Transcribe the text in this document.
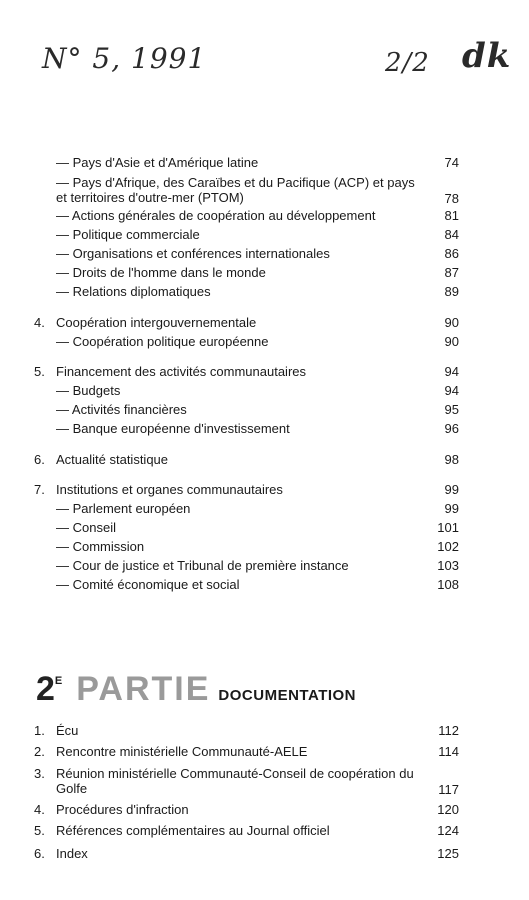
N° 5, 1991	2/2 dk
— Pays d'Asie et d'Amérique latine	74
— Pays d'Afrique, des Caraïbes et du Pacifique (ACP) et pays et territoires d'outre-mer (PTOM)	78
— Actions générales de coopération au développement	81
— Politique commerciale	84
— Organisations et conférences internationales	86
— Droits de l'homme dans le monde	87
— Relations diplomatiques	89
4. Coopération intergouvernementale	90
— Coopération politique européenne	90
5. Financement des activités communautaires	94
— Budgets	94
— Activités financières	95
— Banque européenne d'investissement	96
6. Actualité statistique	98
7. Institutions et organes communautaires	99
— Parlement européen	99
— Conseil	101
— Commission	102
— Cour de justice et Tribunal de première instance	103
— Comité économique et social	108
2 E PARTIE DOCUMENTATION
1. Écu	112
2. Rencontre ministérielle Communauté-AELE	114
3. Réunion ministérielle Communauté-Conseil de coopération du Golfe	117
4. Procédures d'infraction	120
5. Références complémentaires au Journal officiel	124
6. Index	125
